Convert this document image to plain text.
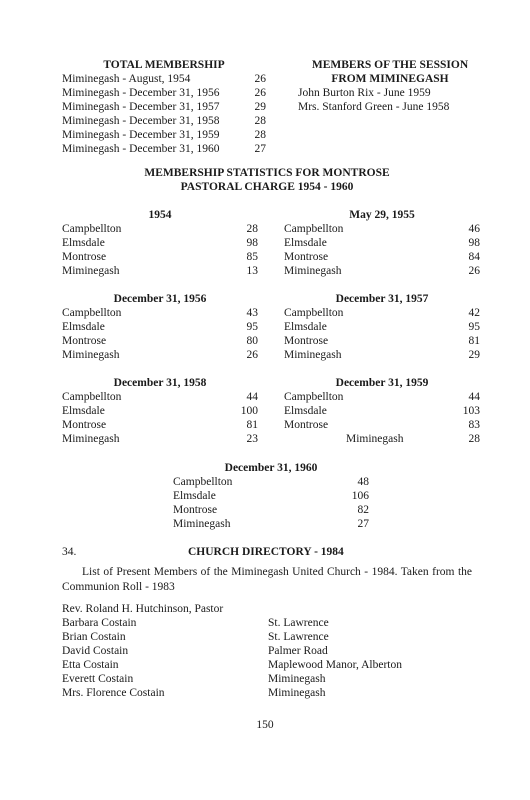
TOTAL MEMBERSHIP
Miminegash - August, 1954	26
Miminegash - December 31, 1956	26
Miminegash - December 31, 1957	29
Miminegash - December 31, 1958	28
Miminegash - December 31, 1959	28
Miminegash - December 31, 1960	27
MEMBERS OF THE SESSION
FROM MIMINEGASH
John Burton Rix - June 1959
Mrs. Stanford Green - June 1958
MEMBERSHIP STATISTICS FOR MONTROSE
PASTORAL CHARGE 1954 - 1960
1954
Campbellton	28
Elmsdale	98
Montrose	85
Miminegash	13
May 29, 1955
Campbellton	46
Elmsdale	98
Montrose	84
Miminegash	26
December 31, 1956
Campbellton	43
Elmsdale	95
Montrose	80
Miminegash	26
December 31, 1957
Campbellton	42
Elmsdale	95
Montrose	81
Miminegash	29
December 31, 1958
Campbellton	44
Elmsdale	100
Montrose	81
Miminegash	23
December 31, 1959
Campbellton	44
Elmsdale	103
Montrose	83
Miminegash	28
December 31, 1960
Campbellton	48
Elmsdale	106
Montrose	82
Miminegash	27
34.	CHURCH DIRECTORY - 1984
List of Present Members of the Miminegash United Church - 1984. Taken from the Communion Roll - 1983
Rev. Roland H. Hutchinson, Pastor
Barbara Costain	St. Lawrence
Brian Costain	St. Lawrence
David Costain	Palmer Road
Etta Costain	Maplewood Manor, Alberton
Everett Costain	Miminegash
Mrs. Florence Costain	Miminegash
150
